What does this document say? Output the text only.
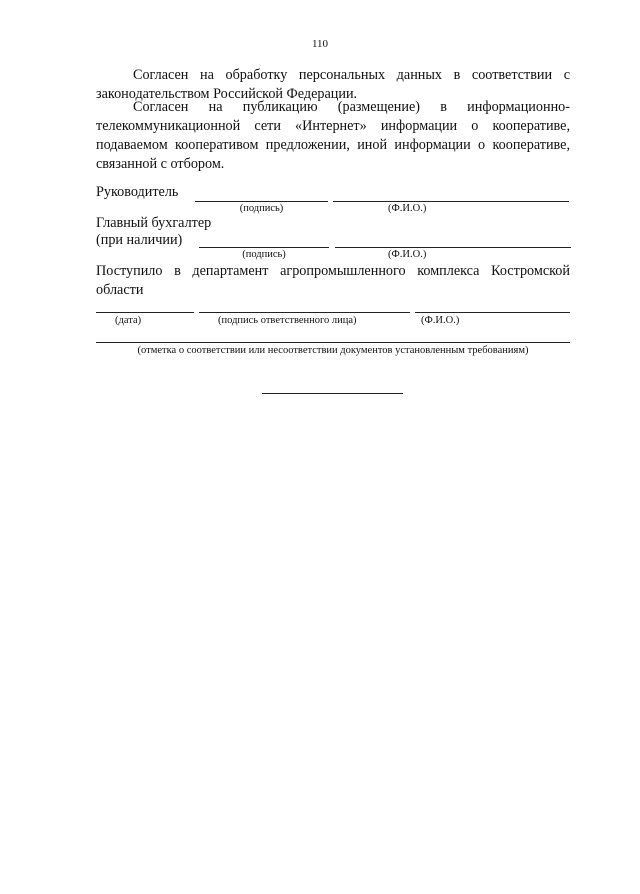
110

Согласен на обработку персональных данных в соответствии с законодательством Российской Федерации.

Согласен на публикацию (размещение) в информационно-телекоммуникационной сети «Интернет» информации о кооперативе, подаваемом кооперативом предложении, иной информации о кооперативе, связанной с отбором.

Руководитель
(подпись)	(Ф.И.О.)
Главный бухгалтер
(при наличии)
(подпись)	(Ф.И.О.)

Поступило в департамент агропромышленного комплекса Костромской области

(дата)	(подпись ответственного лица)	(Ф.И.О.)
(отметка о соответствии или несоответствии документов установленным требованиям)
